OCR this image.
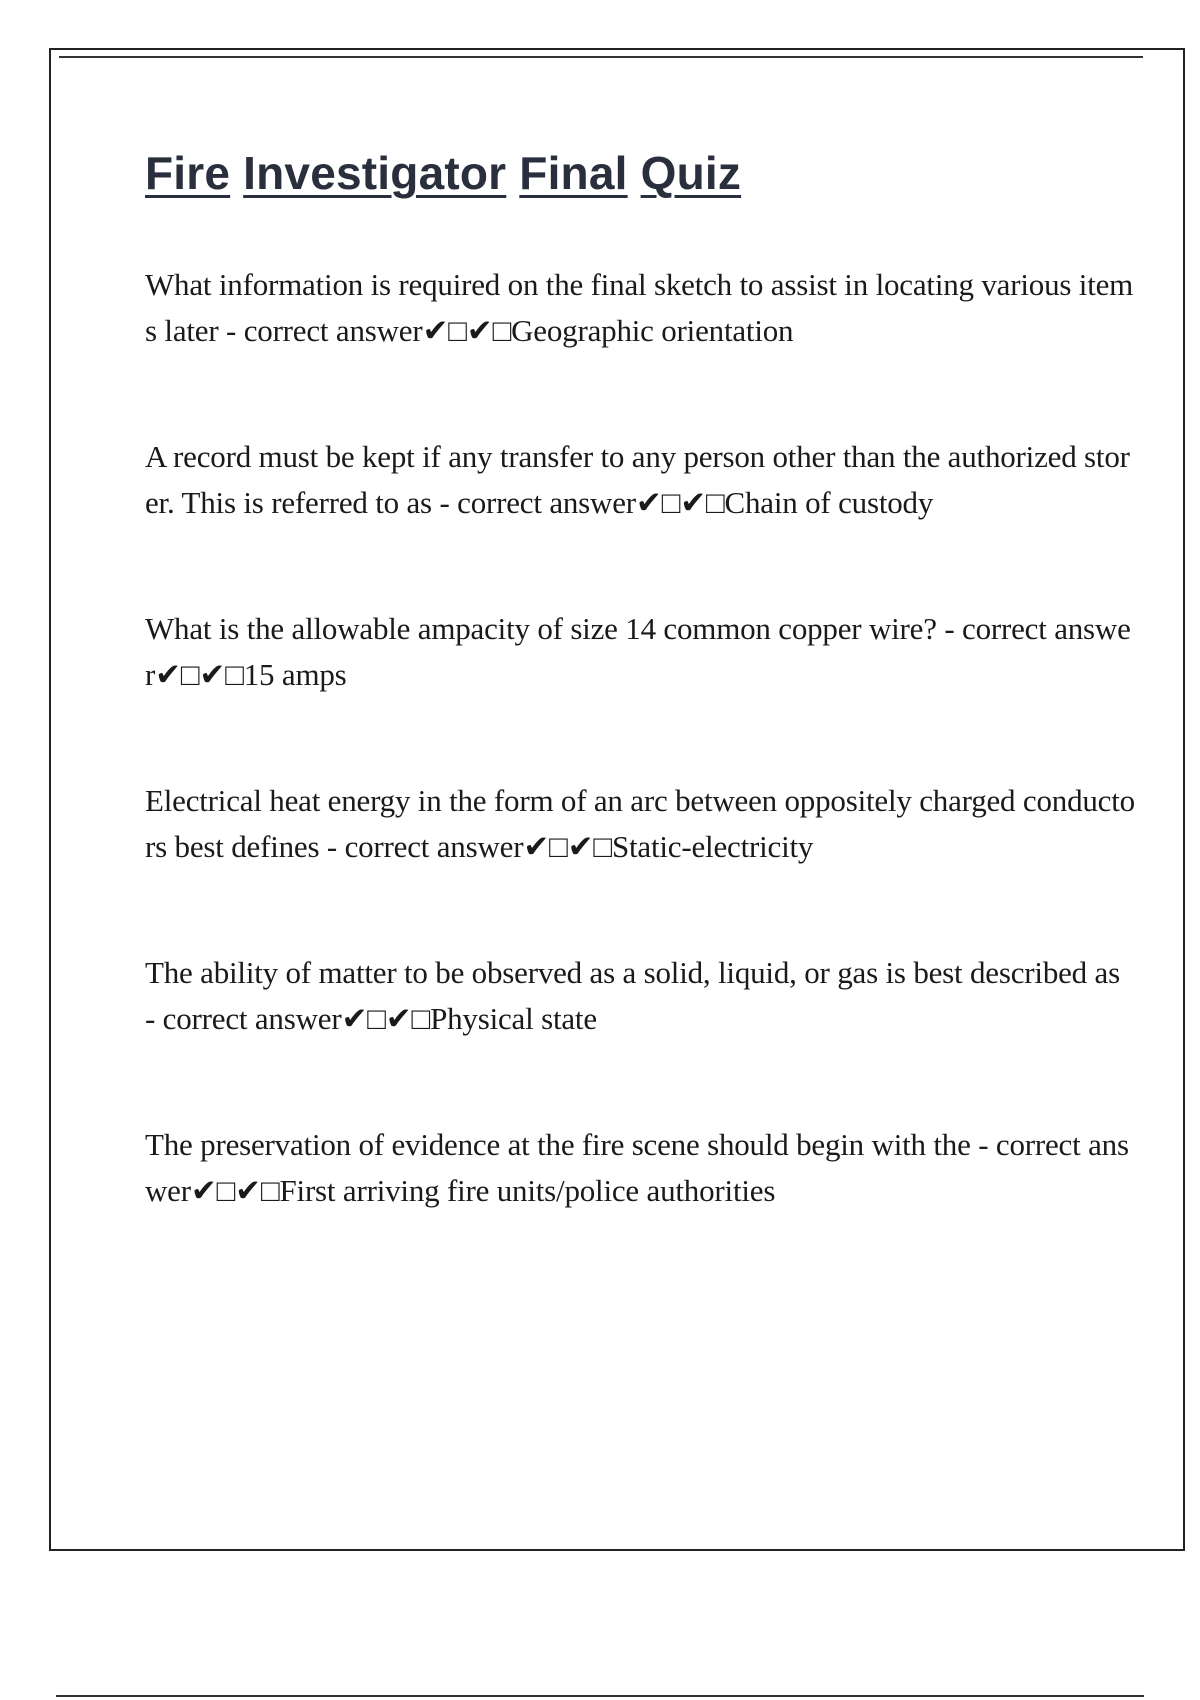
Fire Investigator Final Quiz

What information is required on the final sketch to assist in locating various items later - correct answer✔□✔□Geographic orientation

A record must be kept if any transfer to any person other than the authorized storer. This is referred to as - correct answer✔□✔□Chain of custody

What is the allowable ampacity of size 14 common copper wire? - correct answer✔□✔□15 amps

Electrical heat energy in the form of an arc between oppositely charged conductors best defines - correct answer✔□✔□Static-electricity

The ability of matter to be observed as a solid, liquid, or gas is best described as - correct answer✔□✔□Physical state

The preservation of evidence at the fire scene should begin with the - correct answer✔□✔□First arriving fire units/police authorities
